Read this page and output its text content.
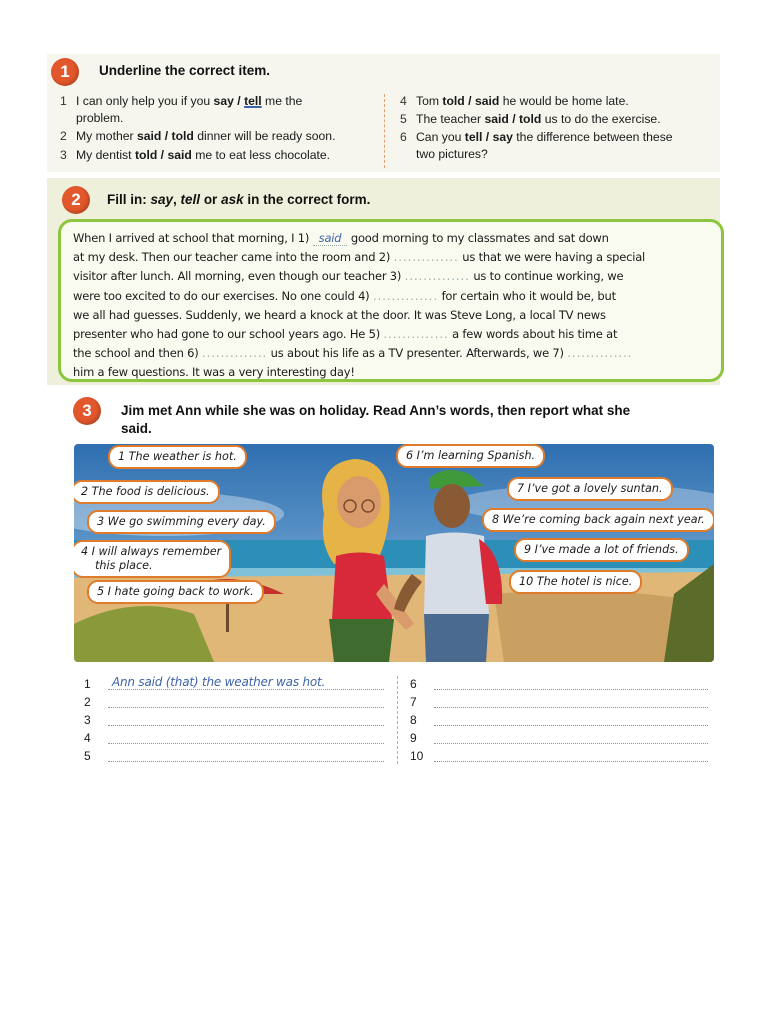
1	Underline the correct item.
2	Fill in: say, tell or ask in the correct form.
3	Jim met Ann while she was on holiday. Read Ann’s words, then report what she
said.
1 The weather is hot.
2 The food is delicious.
3 We go swimming every day.
4 I will always remember
this place.
5 I hate going back to work.
6 I’m learning Spanish.
7 I’ve got a lovely suntan.
8 We’re coming back again next year.
9 I’ve made a lot of friends.
10 The hotel is nice.
1 I can only help you if you say / tell me the
problem.
2 My mother said / told dinner will be ready soon.
3 My dentist told / said me to eat less chocolate.
4 Tom told / said he would be home late.
5 The teacher said / told us to do the exercise.
6 Can you tell / say the difference between these
two pictures?
When I arrived at school that morning, I 1) said good morning to my classmates and sat down
at my desk. Then our teacher came into the room and 2) .............. us that we were having a special
visitor after lunch. All morning, even though our teacher 3) .............. us to continue working, we
were too excited to do our exercises. No one could 4) .............. for certain who it would be, but
we all had guesses. Suddenly, we heard a knock at the door. It was Steve Long, a local TV news
presenter who had gone to our school years ago. He 5) .............. a few words about his time at
the school and then 6) .............. us about his life as a TV presenter. Afterwards, we 7) ..............
him a few questions. It was a very interesting day!
1	$^{Ann said (that) the weather was hot.}$
2
3
4
5
6
7
8
9
10
